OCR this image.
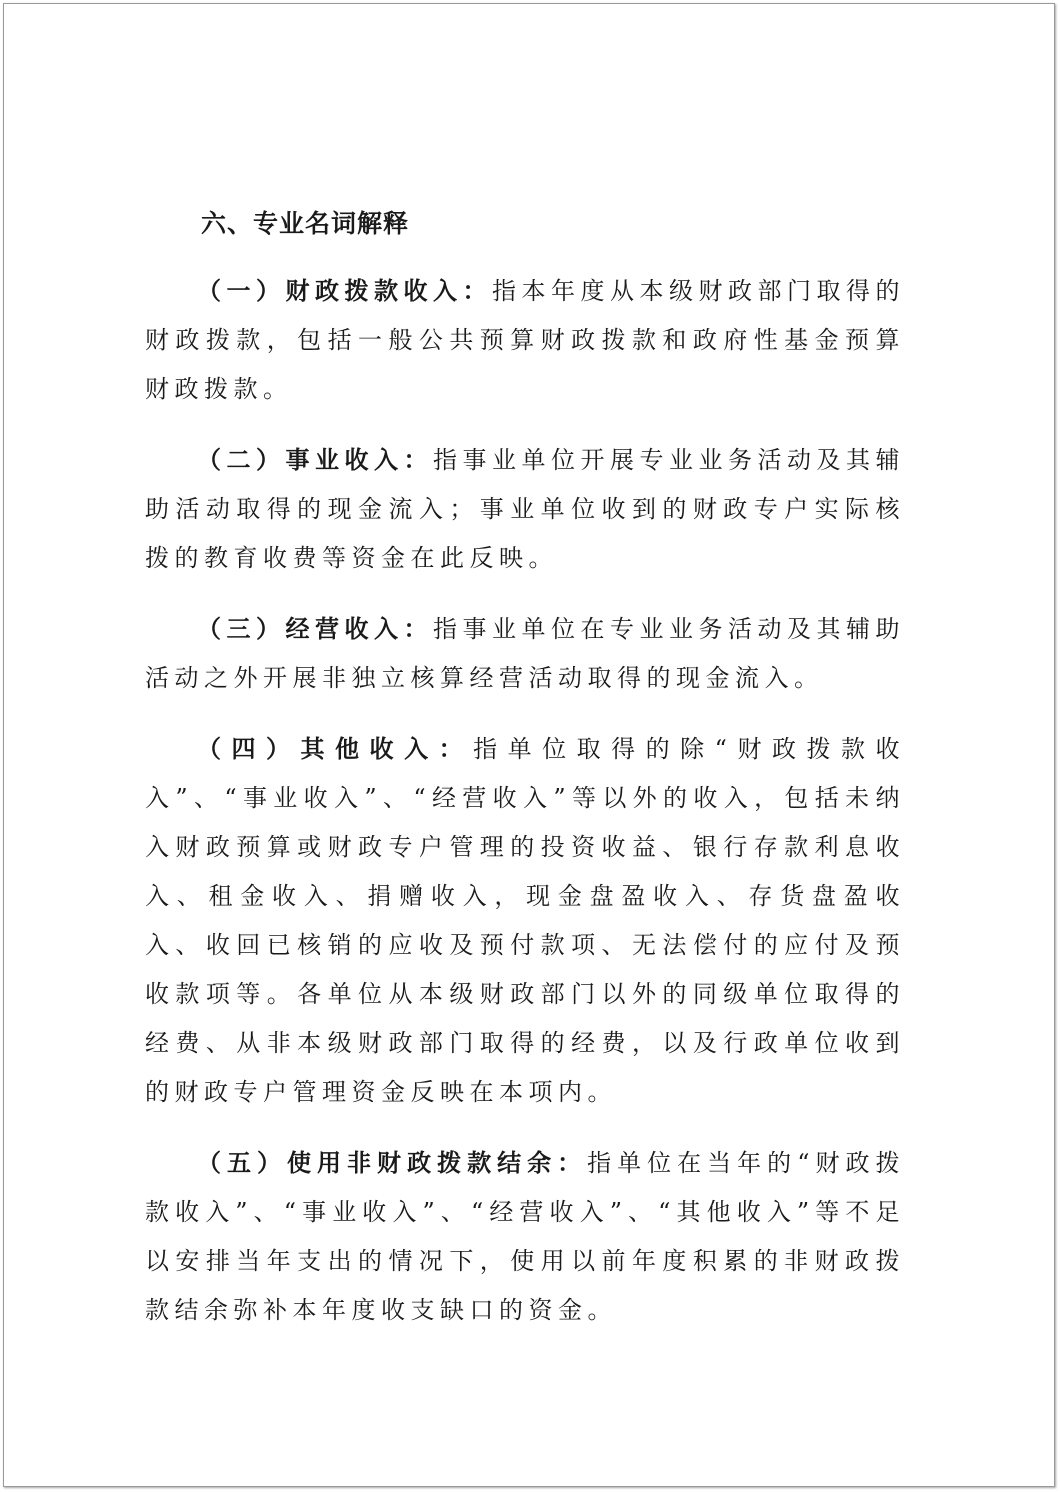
六、专业名词解释

（一）财政拨款收入：指本年度从本级财政部门取得的财政拨款，包括一般公共预算财政拨款和政府性基金预算财政拨款。

（二）事业收入：指事业单位开展专业业务活动及其辅助活动取得的现金流入；事业单位收到的财政专户实际核拨的教育收费等资金在此反映。

（三）经营收入：指事业单位在专业业务活动及其辅助活动之外开展非独立核算经营活动取得的现金流入。

（四）其他收入：指单位取得的除“财政拨款收入”、“事业收入”、“经营收入”等以外的收入，包括未纳入财政预算或财政专户管理的投资收益、银行存款利息收入、租金收入、捐赠收入，现金盘盈收入、存货盘盈收入、收回已核销的应收及预付款项、无法偿付的应付及预收款项等。各单位从本级财政部门以外的同级单位取得的经费、从非本级财政部门取得的经费，以及行政单位收到的财政专户管理资金反映在本项内。

（五）使用非财政拨款结余：指单位在当年的“财政拨款收入”、“事业收入”、“经营收入”、“其他收入”等不足以安排当年支出的情况下，使用以前年度积累的非财政拨款结余弥补本年度收支缺口的资金。
